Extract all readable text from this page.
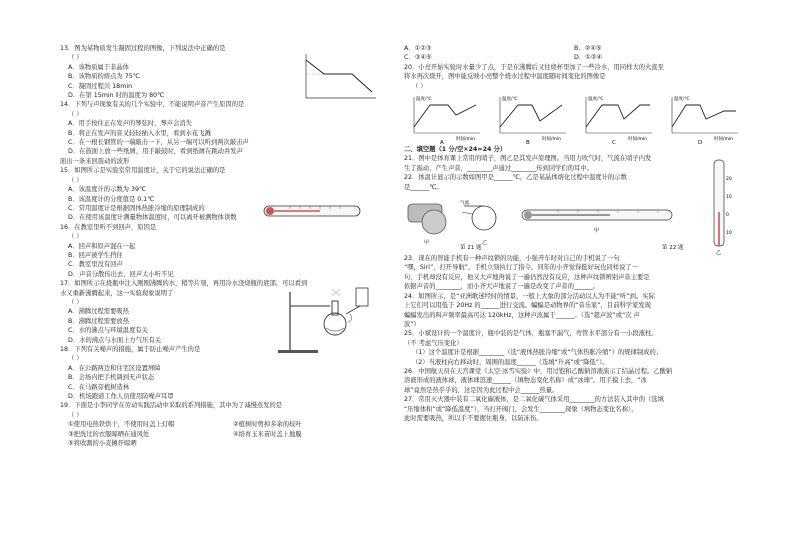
13．图为某物质发生凝固过程的图像，下列说法中正确的是
（ ）
A．该物质属于非晶体
B．该物质的熔点为 75℃
C．凝固过程共 18min
D．在第 15min 时的温度为 80℃
14．下列与声现象有关的几个实验中，不能说明声音产生原因的是
（ ）
A．用手按住正在发声的琴弦时，琴声会消失
B．将正在发声的音叉轻轻插入水里，看到水花飞溅
C．在一根长钢管的一端敲击一下，从另一端可以听到两次敲击声
D．在鼓面上放一些纸屑，用手敲鼓时，看到纸屑在跳动并发声
面出一条来回震动的波形
15．如图所示是实验室常用温度计，关于它的说法正确的是
（ ）
A．该温度计的示数为 39℃
B．该温度计的分度值是 0.1℃
C．常用温度计是根据固体热胀冷缩的原理制成的
D．在使用该温度计测量物体温度时，可以离开被测物体读数
16．在教室里听不到回声，原因是
（ ）
A．回声和原声混在一起
B．回声被学生挡住
C．教室里没有回声
D．声音分散传出去，回声太小听不见
17．如图所示在烧瓶中注入刚刚沸腾的水，稍等片刻，再用冷水浇烧瓶的底部，可以看到
水又重新沸腾起来，这一实验现象说明了
（ ）
A．沸腾过程需要吸热
B．沸腾过程需要放热
C．水的沸点与环境温度有关
D．水的沸点与水面上方气压有关
18．下列有关噪声的措施，属于防止噪声产生的是
（ ）
A．在公路两边和住宅区设置屏障
B．会场内把手机调到无声状态
C．在马路旁植树造林
D．机场跑道工作人员使用防噪声耳罩
19．下面是小李同学在劳动实践活动中采取的系列措施，其中为了减慢蒸发的是
（ ）
①使用电热铁烘干，不使用时盖上灯帽	②植树时剪掉多余的枝叶
③把洗过的衣服晾晒在通风处	④培育玉米苗时盖上地膜
⑤将收割的小麦摊开晾晒
A．①②③	B．②④⑤
C．③④⑤	D．①②④
20．小亮开始实验时水量少了点，于是在沸腾后又往烧杯里加了一些冷水，用同样大的火直至
将水再次烧开，图中能反映小亮整个烧水过程中温度随时间变化的图像是
（ ）
温度/℃
时间/min
A
温度/℃
时间/min
B
温度/℃
时间/min
C
温度/℃
时间/min
D
二、填空题（1 分/空×24=24 分）
21．图中是体育课上常用的哨子，图乙是其发声原理图。当用力吹气时，气流在哨子内发
生了振动，产生声音，________声通过________传到同学们的耳中。
22．体温计显示的示数如图甲是______℃，乙是某晶体熔化过程中温度计的示数
是______℃。
气流
甲	乙
甲
20
10
0
10
乙
第 21 题	第 22 题
23．现在的智能手机有一种声纹锁的功能，小强开车时对自己的手机说了一句
“嘿，Siri”，打开导航”，手机立刻执行了指令。同年的小齐觉得挺好玩也同样说了一
句，手机却没有反应，他又大声地再说了一遍仍然没有反应，这种声纹锁辨别声音主要是
依据声音的________，而小齐大声地说了一遍是改变了声音的______。
24．如图所示，是“亚洲歌迷经时的情景，一般上大象的部分活动以人为不能“听”到。实际
上它们可以用低于 20Hz 的______进行交流。蝙蝠是动物界的“音乐家”，目前科学家发现
蝙蝠发出的叫声频率最高可达 120kHz，这种声波属于______。（选“超声波”或“次 声
波”）
25．小斌设计的一个温度计，瓶中装的是气体，瓶塞不漏气，弯管水平部分有一小段液柱。
（不 考虑气压变化）
（1）这个温度计是根据________（选“液体热胀冷缩”或“气体热胀冷缩”）的规律制成的；
（2）当液柱向右移动时，周围的温度______（选填“升高”或“降低”）。
26．中国航天员在天宫课堂《太空·冰雪实验》中，用过饱和乙酸钠溶液演示了结晶过程。乙酸钠
溶液形成的液体球，液体球迅速______（填物态变化名称）成“冰球”。用手摸上去，“冰
球”竟然是热乎乎的，这是因为此过程中会______热量。
27．常用灭火器中装有二氧化碳液体，是二氧化碳气体采用________的方法装入其中的（选填
“压缩体积”或“降低温度”），当打开阀门，会发生________现象（填物态变化名称），
此时需要吸热，所以手不要握住瓶身，以防冻伤。
